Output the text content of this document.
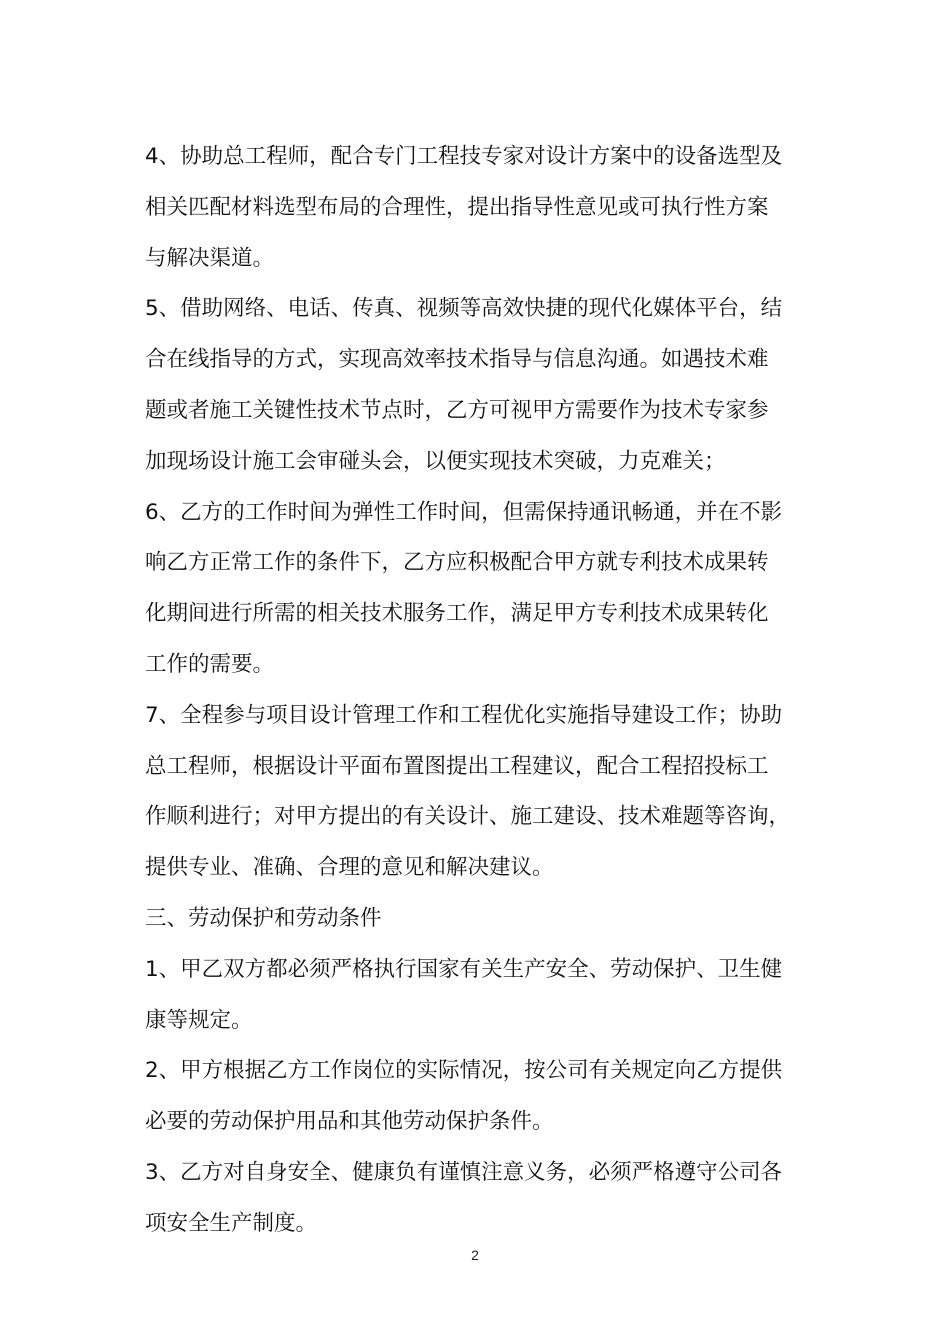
4、协助总工程师，配合专门工程技专家对设计方案中的设备选型及
相关匹配材料选型布局的合理性，提出指导性意见或可执行性方案
与解决渠道。
5、借助网络、电话、传真、视频等高效快捷的现代化媒体平台，结
合在线指导的方式，实现高效率技术指导与信息沟通。如遇技术难
题或者施工关键性技术节点时，乙方可视甲方需要作为技术专家参
加现场设计施工会审碰头会，以便实现技术突破，力克难关；
6、乙方的工作时间为弹性工作时间，但需保持通讯畅通，并在不影
响乙方正常工作的条件下，乙方应积极配合甲方就专利技术成果转
化期间进行所需的相关技术服务工作，满足甲方专利技术成果转化
工作的需要。
7、全程参与项目设计管理工作和工程优化实施指导建设工作；协助
总工程师，根据设计平面布置图提出工程建议，配合工程招投标工
作顺利进行；对甲方提出的有关设计、施工建设、技术难题等咨询，
提供专业、准确、合理的意见和解决建议。
三、劳动保护和劳动条件
1、甲乙双方都必须严格执行国家有关生产安全、劳动保护、卫生健
康等规定。
2、甲方根据乙方工作岗位的实际情况，按公司有关规定向乙方提供
必要的劳动保护用品和其他劳动保护条件。
3、乙方对自身安全、健康负有谨慎注意义务，必须严格遵守公司各
项安全生产制度。
2
